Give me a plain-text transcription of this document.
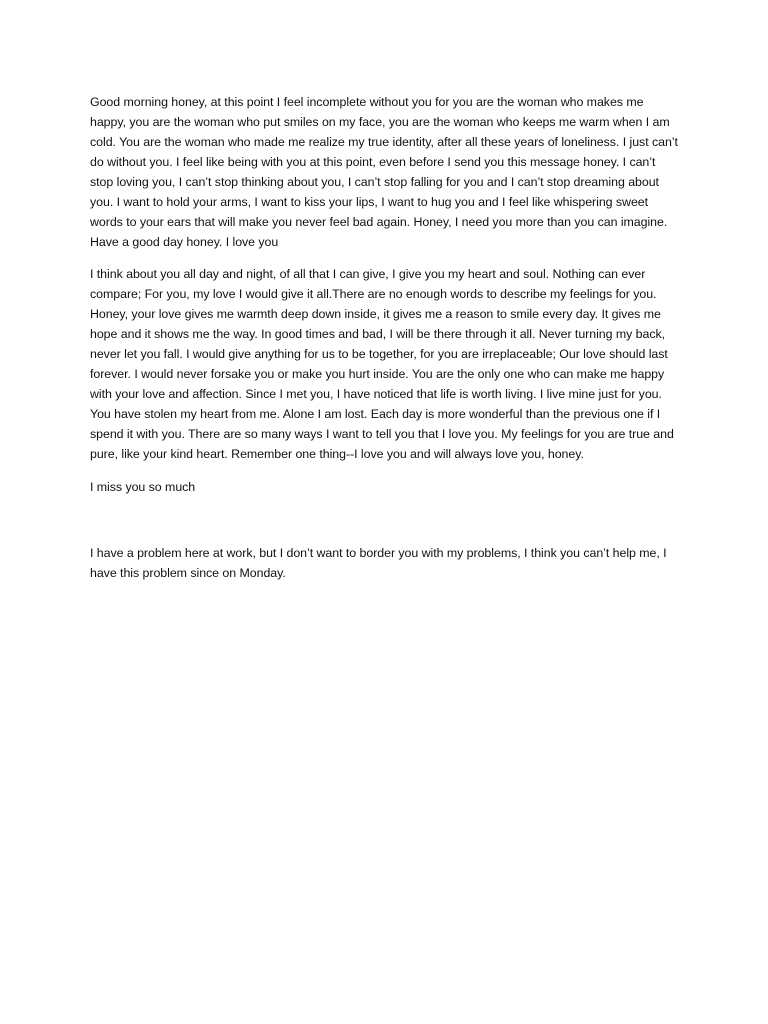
Good morning honey, at this point I feel incomplete without you for you are the woman who makes me happy, you are the woman who put smiles on my face, you are the woman who keeps me warm when I am cold. You are the woman who made me realize my true identity, after all these years of loneliness. I just can’t do without you. I feel like being with you at this point, even before I send you this message honey. I can’t stop loving you, I can’t stop thinking about you, I can’t stop falling for you and I can’t stop dreaming about you. I want to hold your arms, I want to kiss your lips, I want to hug you and I feel like whispering sweet words to your ears that will make you never feel bad again. Honey, I need you more than you can imagine. Have a good day honey. I love you

I think about you all day and night, of all that I can give, I give you my heart and soul. Nothing can ever compare; For you, my love I would give it all.There are no enough words to describe my feelings for you. Honey, your love gives me warmth deep down inside, it gives me a reason to smile every day. It gives me hope and it shows me the way. In good times and bad, I will be there through it all. Never turning my back, never let you fall. I would give anything for us to be together, for you are irreplaceable; Our love should last forever. I would never forsake you or make you hurt inside. You are the only one who can make me happy with your love and affection. Since I met you, I have noticed that life is worth living. I live mine just for you. You have stolen my heart from me. Alone I am lost. Each day is more wonderful than the previous one if I spend it with you. There are so many ways I want to tell you that I love you. My feelings for you are true and pure, like your kind heart. Remember one thing--I love you and will always love you, honey.

I miss you so much

I have a problem here at work, but I don’t want to border you with my problems, I think you can’t help me, I have this problem since on Monday.
